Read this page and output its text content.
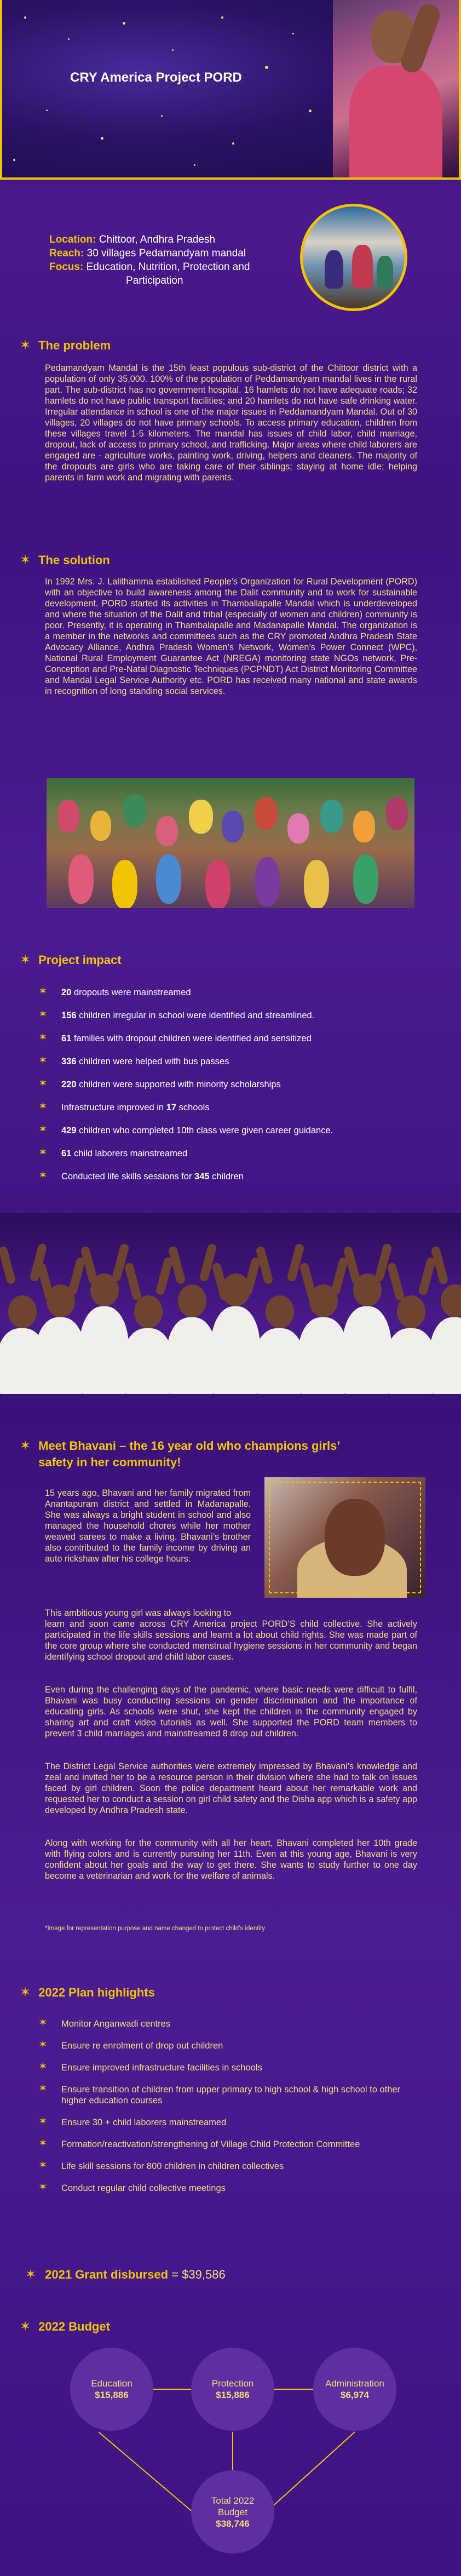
CRY America Project PORD
Location: Chittoor, Andhra Pradesh
Reach: 30 villages Pedamandyam mandal
Focus: Education, Nutrition, Protection and
Participation
✶ The problem
Pedamandyam Mandal is the 15th least populous sub-district of the Chittoor district with a population of only 35,000. 100% of the population of Peddamandyam mandal lives in the rural part. The sub-district has no government hospital. 16 hamlets do not have adequate roads; 32 hamlets do not have public transport facilities; and 20 hamlets do not have safe drinking water. Irregular attendance in school is one of the major issues in Peddamandyam Mandal. Out of 30 villages, 20 villages do not have primary schools. To access primary education, children from these villages travel 1-5 kilometers. The mandal has issues of child labor, child marriage, dropout, lack of access to primary school, and trafficking. Major areas where child laborers are engaged are - agriculture works, painting work, driving, helpers and cleaners. The majority of the dropouts are girls who are taking care of their siblings; staying at home idle; helping parents in farm work and migrating with parents.
✶ The solution
In 1992 Mrs. J. Lalithamma established People’s Organization for Rural Development (PORD) with an objective to build awareness among the Dalit community and to work for sustainable development. PORD started its activities in Thamballapalle Mandal which is underdeveloped and where the situation of the Dalit and tribal (especially of women and children) community is poor. Presently, it is operating in Thambalapalle and Madanapalle Mandal. The organization is a member in the networks and committees such as the CRY promoted Andhra Pradesh State Advocacy Alliance, Andhra Pradesh Women’s Network, Women’s Power Connect (WPC), National Rural Employment Guarantee Act (NREGA) monitoring state NGOs network, Pre-Conception and Pre-Natal Diagnostic Techniques (PCPNDT) Act District Monitoring Committee and Mandal Legal Service Authority etc. PORD has received many national and state awards in recognition of long standing social services.
✶ Project impact
✶ 20 dropouts were mainstreamed
✶ 156 children irregular in school were identified and streamlined.
✶ 61 families with dropout children were identified and sensitized
✶ 336 children were helped with bus passes
✶ 220 children were supported with minority scholarships
✶ Infrastructure improved in 17 schools
✶ 429 children who completed 10th class were given career guidance.
✶ 61 child laborers mainstreamed
✶ Conducted life skills sessions for 345 children
✶ Meet Bhavani – the 16 year old who champions girls’
safety in her community!
15 years ago, Bhavani and her family migrated from Anantapuram district and settled in Madanapalle. She was always a bright student in school and also managed the household chores while her mother weaved sarees to make a living. Bhavani’s brother also contributed to the family income by driving an auto rickshaw after his college hours.
This ambitious young girl was always looking to
learn and soon came across CRY America project PORD’S child collective. She actively participated in the life skills sessions and learnt a lot about child rights. She was made part of the core group where she conducted menstrual hygiene sessions in her community and began identifying school dropout and child labor cases.
Even during the challenging days of the pandemic, where basic needs were difficult to fulfil, Bhavani was busy conducting sessions on gender discrimination and the importance of educating girls. As schools were shut, she kept the children in the community engaged by sharing art and craft video tutorials as well. She supported the PORD team members to prevent 3 child marriages and mainstreamed 8 drop out children.
The District Legal Service authorities were extremely impressed by Bhavani’s knowledge and zeal and invited her to be a resource person in their division where she had to talk on issues faced by girl children. Soon the police department heard about her remarkable work and requested her to conduct a session on girl child safety and the Disha app which is a safety app developed by Andhra Pradesh state.
Along with working for the community with all her heart, Bhavani completed her 10th grade with flying colors and is currently pursuing her 11th. Even at this young age, Bhavani is very confident about her goals and the way to get there. She wants to study further to one day become a veterinarian and work for the welfare of animals.
*Image for representation purpose and name changed to protect child’s identity
✶ 2022 Plan highlights
✶ Monitor Anganwadi centres
✶ Ensure re enrolment of drop out children
✶ Ensure improved infrastructure facilities in schools
✶ Ensure transition of children from upper primary to high school & high school to other higher education courses
✶ Ensure 30 + child laborers mainstreamed
✶ Formation/reactivation/strengthening of Village Child Protection Committee
✶ Life skill sessions for 800 children in children collectives
✶ Conduct regular child collective meetings
✶ 2021 Grant disbursed = $39,586
✶ 2022 Budget
Education
$15,886
Protection
$15,886
Administration
$6,974
Total 2022
Budget
$38,746
